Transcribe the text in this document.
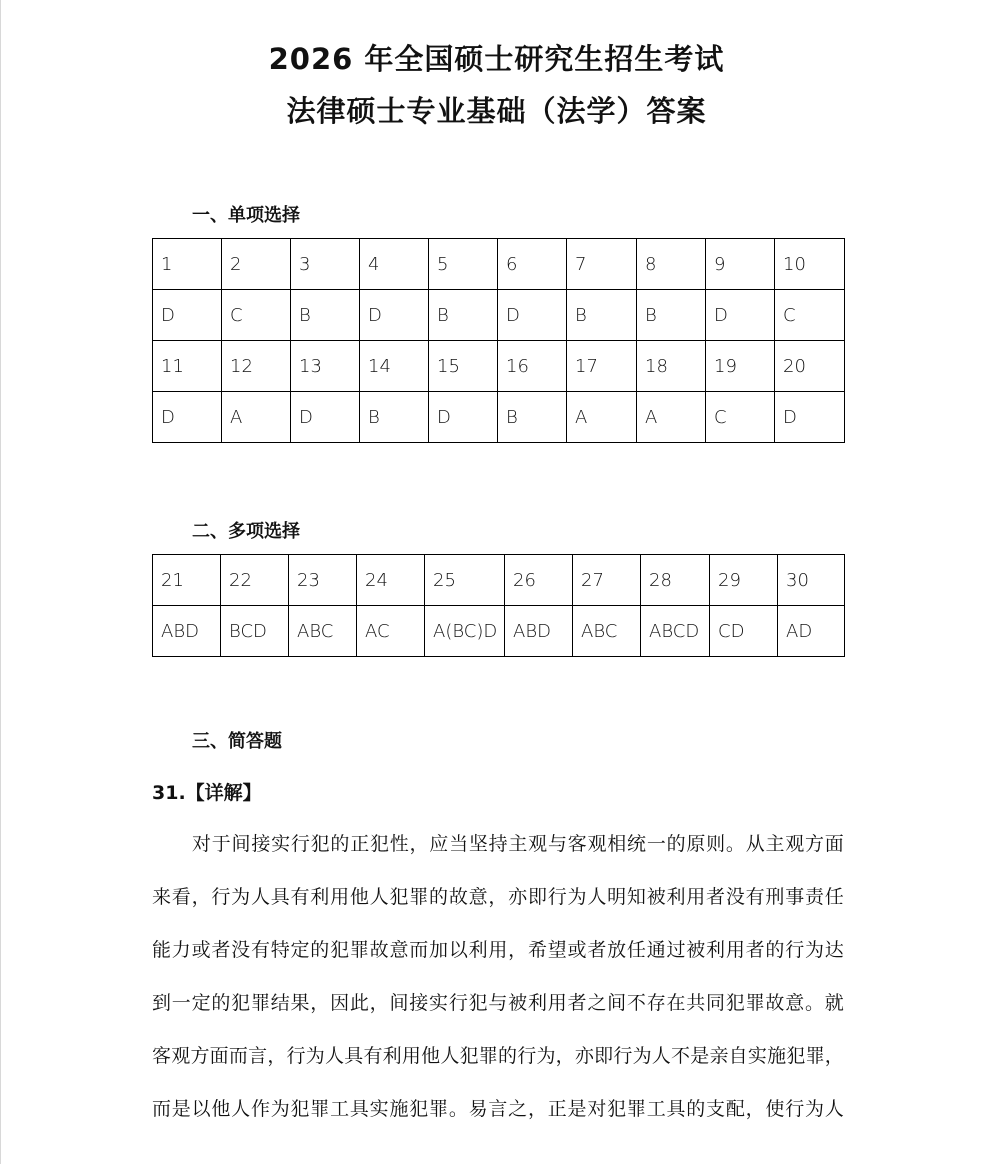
2026 年全国硕士研究生招生考试
法律硕士专业基础（法学）答案
一、单项选择
1	2	3	4	5	6	7	8	9	10
D	C	B	D	B	D	B	B	D	C
11	12	13	14	15	16	17	18	19	20
D	A	D	B	D	B	A	A	C	D
二、多项选择
21	22	23	24	25	26	27	28	29	30
ABD	BCD	ABC	AC	A(BC)D	ABD	ABC	ABCD	CD	AD
三、简答题

31.【详解】

对于间接实行犯的正犯性，应当坚持主观与客观相统一的原则。从主观方面

来看，行为人具有利用他人犯罪的故意，亦即行为人明知被利用者没有刑事责任

能力或者没有特定的犯罪故意而加以利用，希望或者放任通过被利用者的行为达

到一定的犯罪结果，因此，间接实行犯与被利用者之间不存在共同犯罪故意。就

客观方面而言，行为人具有利用他人犯罪的行为，亦即行为人不是亲自实施犯罪，

而是以他人作为犯罪工具实施犯罪。易言之，正是对犯罪工具的支配，使行为人
